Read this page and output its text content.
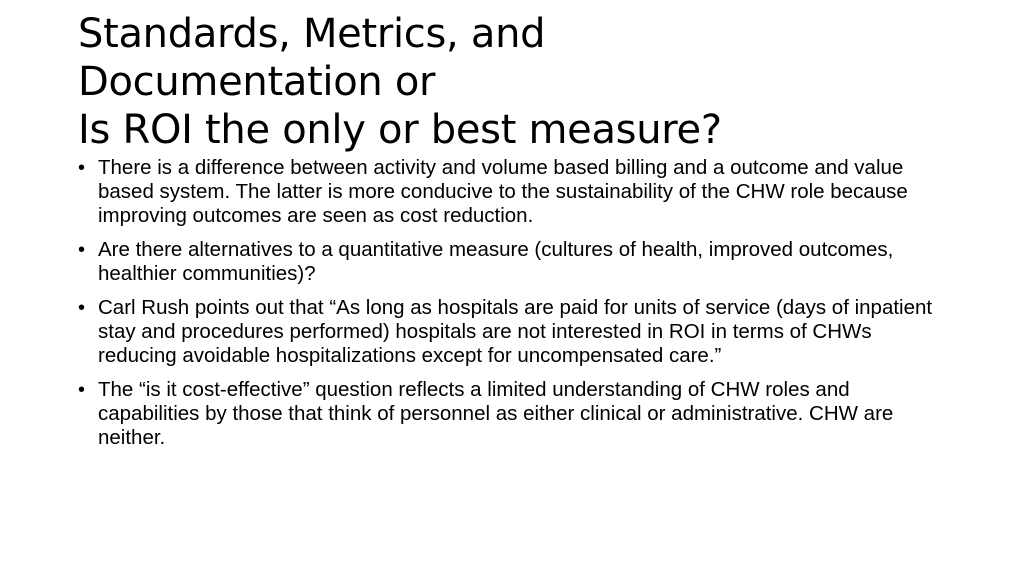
Standards, Metrics, and
Documentation or
Is ROI the only or best measure?
• There is a difference between activity and volume based billing and a outcome and value based system. The latter is more conducive to the sustainability of the CHW role because improving outcomes are seen as cost reduction.
• Are there alternatives to a quantitative measure (cultures of health, improved outcomes, healthier communities)?
• Carl Rush points out that “As long as hospitals are paid for units of service (days of inpatient stay and procedures performed) hospitals are not interested in ROI in terms of CHWs reducing avoidable hospitalizations except for uncompensated care.”
• The “is it cost-effective” question reflects a limited understanding of CHW roles and capabilities by those that think of personnel as either clinical or administrative. CHW are neither.
